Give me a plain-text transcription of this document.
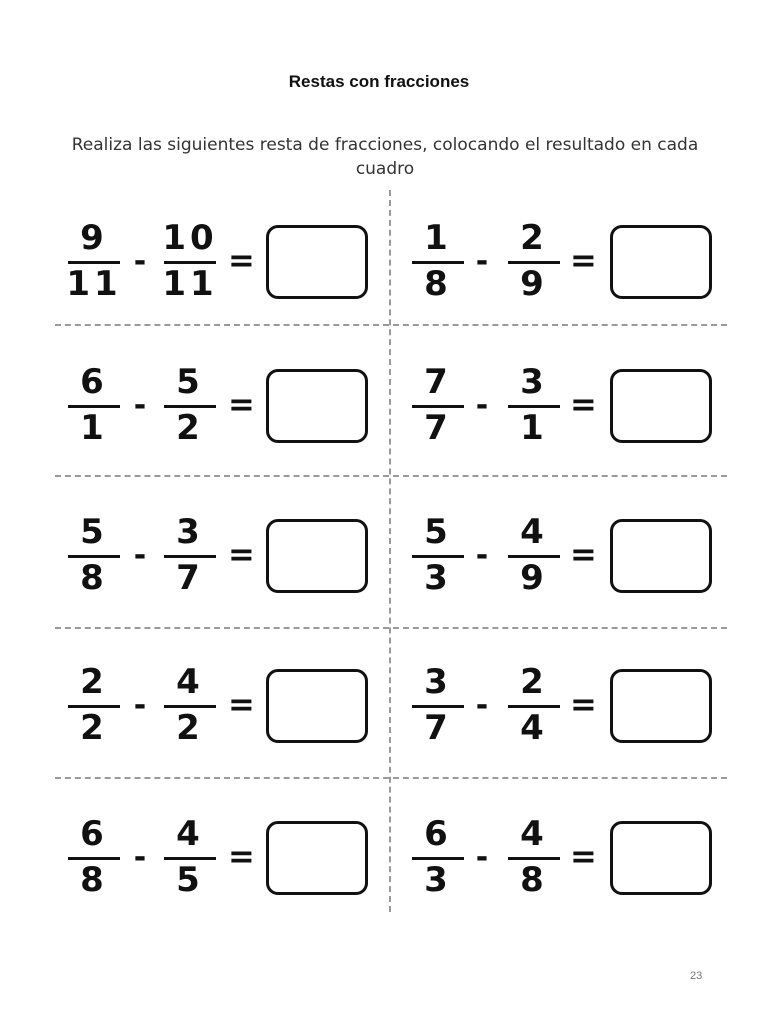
Restas con fracciones
Realiza las siguientes resta de fracciones, colocando el resultado en cada cuadro
9
11
-
10
11
=
1
8
-
2
9
=
6
1
-
5
2
=
7
7
-
3
1
=
5
8
-
3
7
=
5
3
-
4
9
=
2
2
-
4
2
=
3
7
-
2
4
=
6
8
-
4
5
=
6
3
-
4
8
=
23
